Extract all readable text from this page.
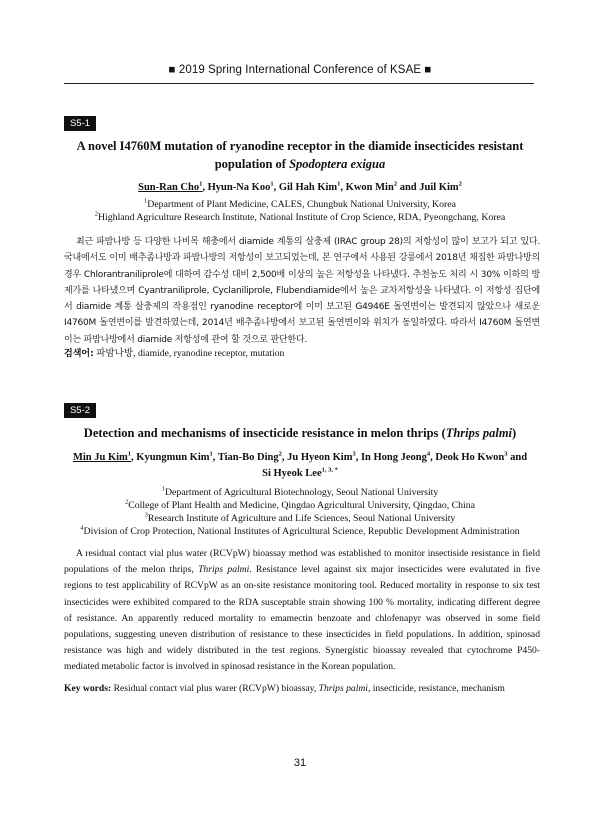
■ 2019 Spring International Conference of KSAE ■
S5-1
A novel I4760M mutation of ryanodine receptor in the diamide insecticides resistant
population of Spodoptera exigua
Sun-Ran Cho$^1$, Hyun-Na Koo$^1$, Gil Hah Kim$^1$, Kwon Min$^2$ and Juil Kim$^2$
$^1$Department of Plant Medicine, CALES, Chungbuk National University, Korea
$^2$Highland Agriculture Research Institute, National Institute of Crop Science, RDA, Pyeongchang, Korea
최근 파밤나방 등 다양한 나비목 해충에서 diamide 계통의 살충제 (IRAC group 28)의 저항성이 많이 보고가 되고 있다. 국내에서도 이미 배추좀나방과 파밤나방의 저항성이 보고되었는데, 본 연구에서 사용된 강릉에서 2018년 채집한 파밤나방의 경우 Chlorantraniliprole에 대하여 감수성 대비 2,500배 이상의 높은 저항성을 나타냈다. 추천농도 처리 시 30% 이하의 방제가를 나타냈으며 Cyantraniliprole, Cyclaniliprole, Flubendiamide에서 높은 교차저항성을 나타냈다. 이 저항성 집단에서 diamide 계통 살충제의 작용점인 ryanodine receptor에 이미 보고된 G4946E 돌연변이는 발견되지 않았으나 새로운 I4760M 돌연변이를 발견하였는데, 2014년 배추좀나방에서 보고된 돌연변이와 위치가 동일하였다. 따라서 I4760M 돌연변이는 파밤나방에서 diamide 저항성에 관여 할 것으로 판단한다.
검색어: 파밤나방, diamide, ryanodine receptor, mutation
S5-2
Detection and mechanisms of insecticide resistance in melon thrips (Thrips palmi)
Min Ju Kim$^1$, Kyungmun Kim$^1$, Tian-Bo Ding$^2$, Ju Hyeon Kim$^3$, In Hong Jeong$^4$, Deok Ho Kwon$^3$ and
Si Hyeok Lee$^{1, 3, *}$
$^1$Department of Agricultural Biotechnology, Seoul National University
$^2$College of Plant Health and Medicine, Qingdao Agricultural University, Qingdao, China
$^3$Research Institute of Agriculture and Life Sciences, Seoul National University
$^4$Division of Crop Protection, National Institutes of Agricultural Science, Republic Development Administration
A residual contact vial plus water (RCVpW) bioassay method was established to monitor insectiside resistance in field populations of the melon thrips, Thrips palmi. Resistance level against six major insecticides were evalutated in five regions to test applicability of RCVpW as an on-site resistance monitoring tool. Reduced mortality in response to six test insecticides were exhibited compared to the RDA susceptable strain showing 100 % mortality, indicating different degree of resistance. An apparently reduced mortality to emamectin benzoate and chlofenapyr was observed in some field populations, suggesting uneven distribution of resistance to these insecticides in field populations. In addition, spinosad resistance was high and widely distributed in the test regions. Synergistic bioassay revealed that cytochrome P450-mediated metabolic factor is involved in spinosad resistance in the Korean population.
Key words: Residual contact vial plus warer (RCVpW) bioassay, Thrips palmi, insecticide, resistance, mechanism
31
